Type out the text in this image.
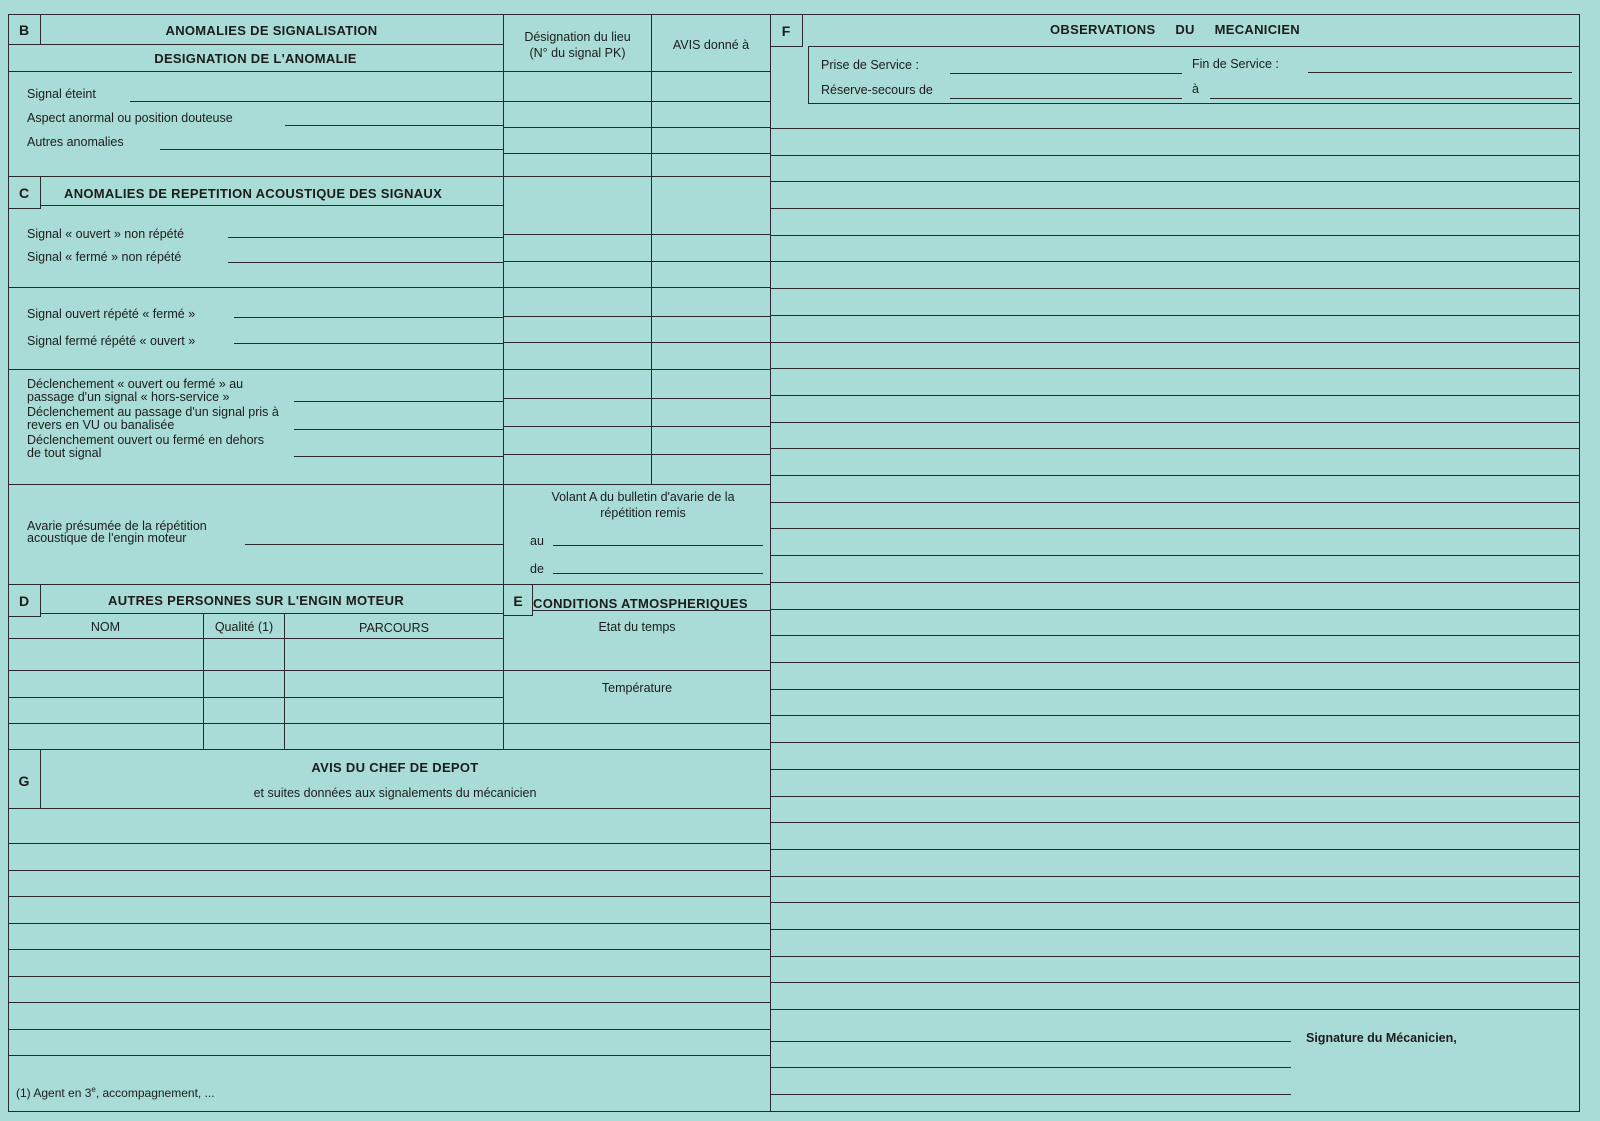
B	ANOMALIES DE SIGNALISATION
DESIGNATION DE L'ANOMALIE
Signal éteint
Aspect anormal ou position douteuse
Autres anomalies
Désignation du lieu
(N° du signal PK)
AVIS donné à
C	ANOMALIES DE REPETITION ACOUSTIQUE DES SIGNAUX
Signal « ouvert » non répété
Signal « fermé » non répété
Signal ouvert répété « fermé »
Signal fermé répété « ouvert »
Déclenchement « ouvert ou fermé » au passage d'un signal « hors-service »
Déclenchement au passage d'un signal pris à revers en VU ou banalisée
Déclenchement ouvert ou fermé en dehors de tout signal
Avarie présumée de la répétition acoustique de l'engin moteur
Volant A du bulletin d'avarie de la répétition remis
au
de
D	AUTRES PERSONNES SUR L'ENGIN MOTEUR
NOM	Qualité (1)	PARCOURS
E CONDITIONS ATMOSPHERIQUES
Etat du temps
Température
G
AVIS DU CHEF DE DEPOT
et suites données aux signalements du mécanicien
(1) Agent en 3e, accompagnement, ...
F	OBSERVATIONS DU MECANICIEN
Prise de Service :	Fin de Service :
Réserve-secours de	à
Signature du Mécanicien,
